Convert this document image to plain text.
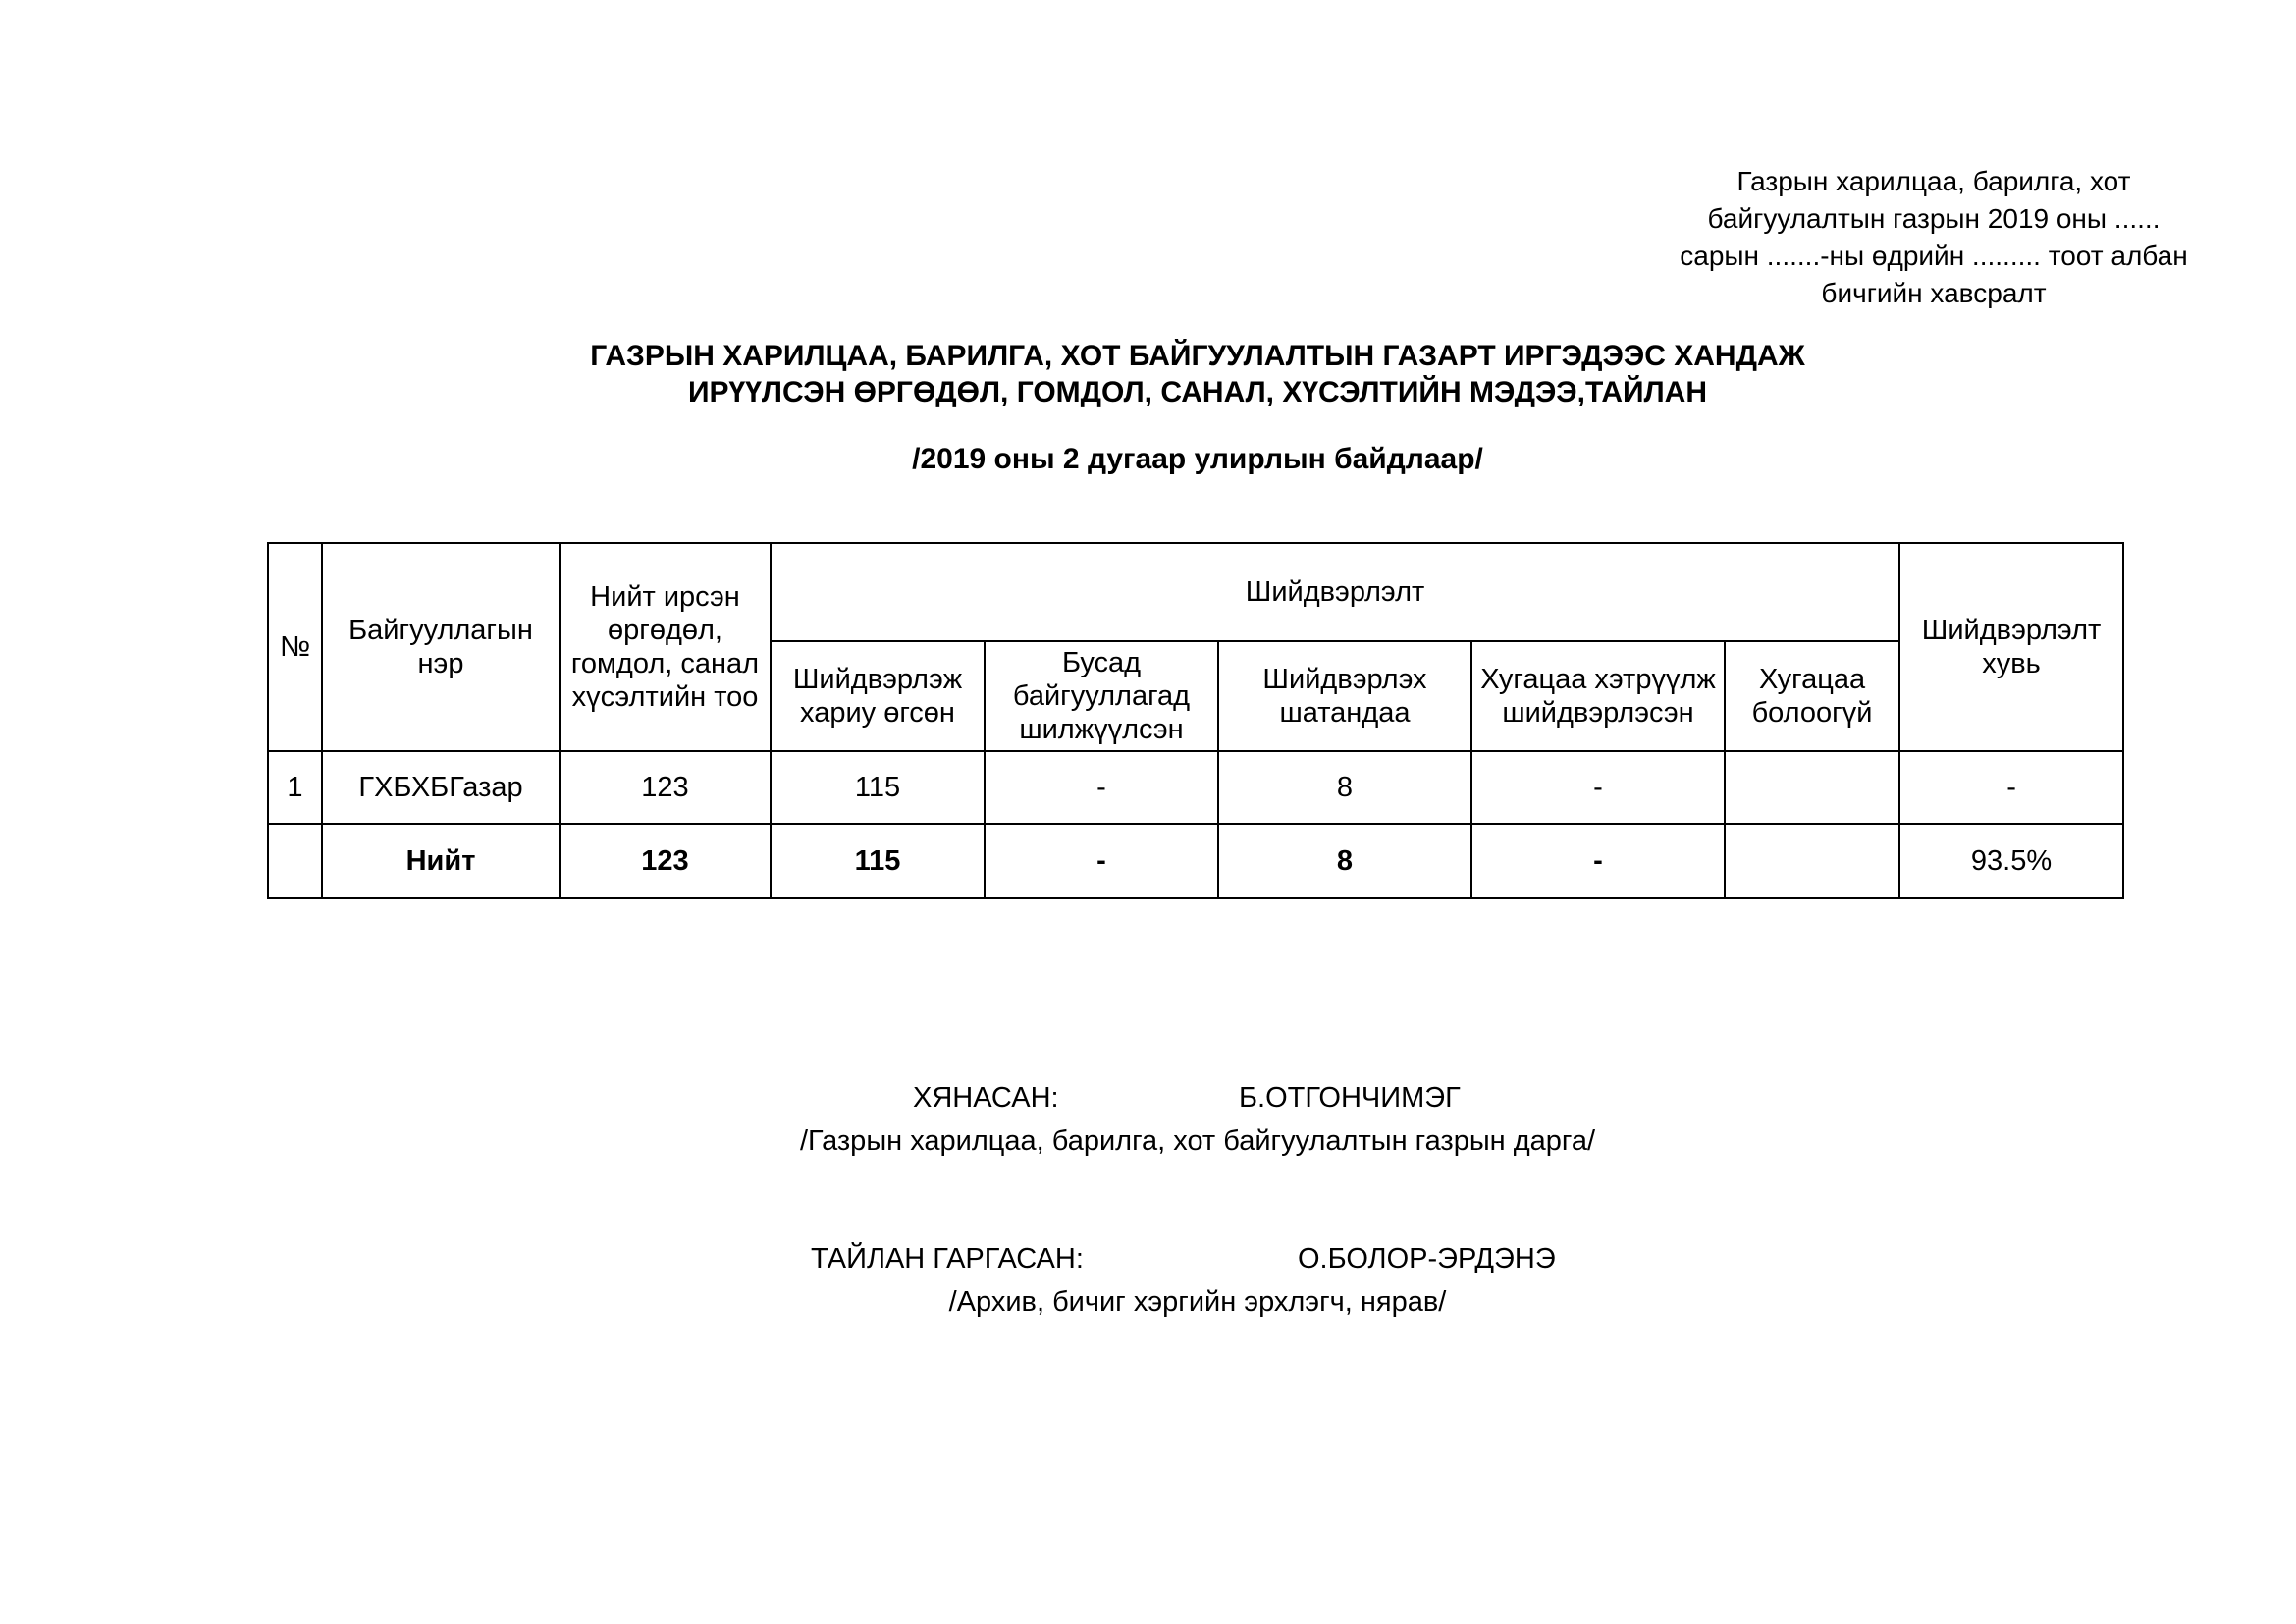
Газрын харилцаа, барилга, хот
байгуулалтын газрын 2019 оны ......
сарын .......-ны өдрийн ......... тоот албан
бичгийн хавсралт
ГАЗРЫН ХАРИЛЦАА, БАРИЛГА, ХОТ БАЙГУУЛАЛТЫН ГАЗАРТ ИРГЭДЭЭС ХАНДАЖ
ИРҮҮЛСЭН ӨРГӨДӨЛ, ГОМДОЛ, САНАЛ, ХҮСЭЛТИЙН МЭДЭЭ,ТАЙЛАН
/2019 оны 2 дугаар улирлын байдлаар/
№	Байгууллагын нэр	Нийт ирсэн өргөдөл, гомдол, санал хүсэлтийн тоо	Шийдвэрлэлт					Шийдвэрлэлт хувь
			Шийдвэрлэж хариу өгсөн	Бусад байгууллагад шилжүүлсэн	Шийдвэрлэх шатандаа	Хугацаа хэтрүүлж шийдвэрлэсэн	Хугацаа болоогүй	
1	ГХБХБГазар	123	115	-	8	-		-
	Нийт	123	115	-	8	-		93.5%
ХЯНАСАН:	Б.ОТГОНЧИМЭГ
/Газрын харилцаа, барилга, хот байгуулалтын газрын дарга/
ТАЙЛАН ГАРГАСАН:	О.БОЛОР-ЭРДЭНЭ
/Архив, бичиг хэргийн эрхлэгч, нярав/
